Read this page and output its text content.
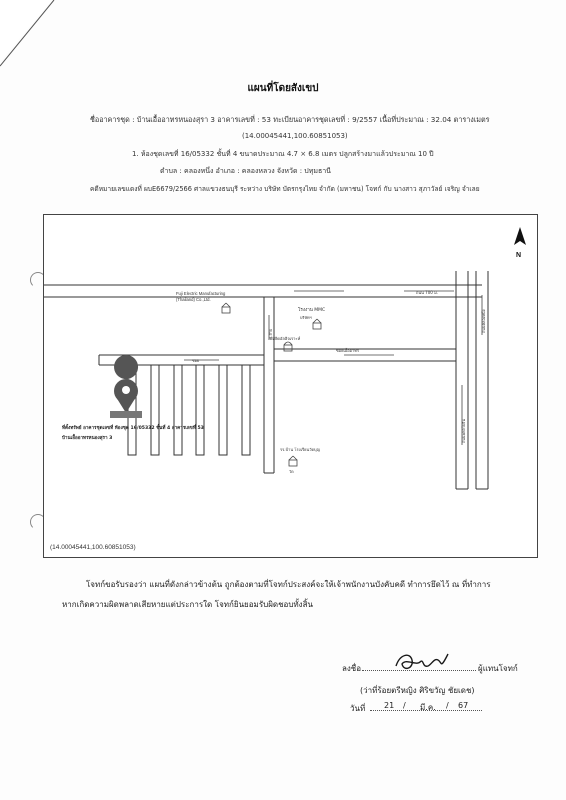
แผนที่โดยสังเขป
ชื่ออาคารชุด : บ้านเอื้ออาทรหนองสุรา 3 อาคารเลขที่ : 53 ทะเบียนอาคารชุดเลขที่ : 9/2557 เนื้อที่ประมาณ : 32.04 ตารางเมตร
(14.00045441,100.60851053)
1. ห้องชุดเลขที่ 16/05332 ชั้นที่ 4 ขนาดประมาณ 4.7 × 6.8 เมตร ปลูกสร้างมาแล้วประมาณ 10 ปี
ตำบล : คลองหนึ่ง อำเภอ : คลองหลวง จังหวัด : ปทุมธานี
คดีหมายเลขแดงที่ ผบE6679/2566 ศาลแขวงธนบุรี ระหว่าง บริษัท บัตรกรุงไทย จำกัด (มหาชน) โจทก์ กับ นางสาว สุภาวัลย์ เจริญ จำเลย
N
Fuji Electric Manufacturing
(Thailand) Co.,Ltd.
โรงงาน MMC
บริษัทฯ
มัสยิดอัลฮิจเราะห์
ซอยเอื้ออาทร
ถนน 700 ม.
ซอย
ถนนคลองหนึ่ง
ถนนพหลโยธิน
ถ.สาย
ที่ตั้งทรัพย์ อาคารชุดเลขที่ ห้องชุด 16/05332 ชั้นที่ 4 อาคารเลขที่ 53
บ้านเอื้ออาทรหนองสุรา 3
รร.บ้าน โรงเรียนวัดบุญ
วัด
(14.00045441,100.60851053)
โจทก์ขอรับรองว่า แผนที่ดังกล่าวข้างต้น ถูกต้องตามที่โจทก์ประสงค์จะให้เจ้าพนักงานบังคับคดี ทำการยึดไว้ ณ ที่ทำการ
หากเกิดความผิดพลาดเสียหายแต่ประการใด โจทก์ยินยอมรับผิดชอบทั้งสิ้น
ลงชื่อ	ผู้แทนโจทก์
(ว่าที่ร้อยตรีหญิง ศิริขวัญ ชัยเดช)
วันที่ 21 / มี.ค. / 67
